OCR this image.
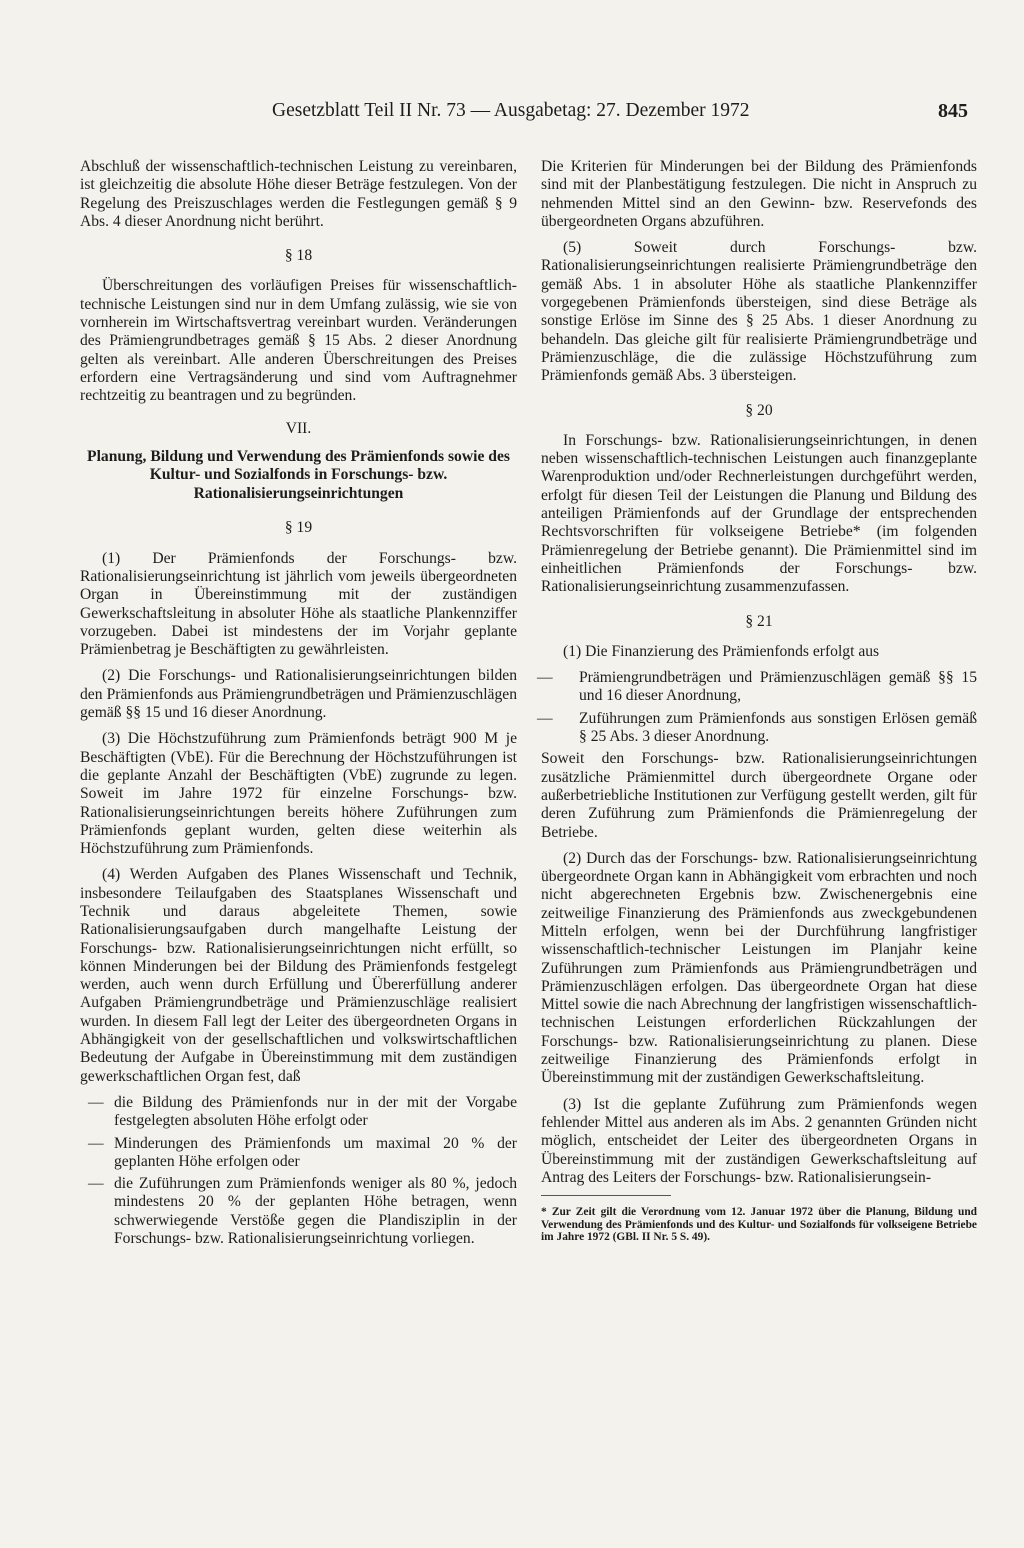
Gesetzblatt Teil II Nr. 73 — Ausgabetag: 27. Dezember 1972	845

Abschluß der wissenschaftlich-technischen Leistung zu vereinbaren, ist gleichzeitig die absolute Höhe dieser Beträge festzulegen. Von der Regelung des Preiszuschlages werden die Festlegungen gemäß § 9 Abs. 4 dieser Anordnung nicht berührt.

§ 18

Überschreitungen des vorläufigen Preises für wissenschaftlich-technische Leistungen sind nur in dem Umfang zulässig, wie sie von vornherein im Wirtschaftsvertrag vereinbart wurden. Veränderungen des Prämiengrundbetrages gemäß § 15 Abs. 2 dieser Anordnung gelten als vereinbart. Alle anderen Überschreitungen des Preises erfordern eine Vertragsänderung und sind vom Auftragnehmer rechtzeitig zu beantragen und zu begründen.

VII.
Planung, Bildung und Verwendung des Prämienfonds sowie des Kultur- und Sozialfonds in Forschungs- bzw. Rationalisierungseinrichtungen
§ 19

(1) Der Prämienfonds der Forschungs- bzw. Rationalisierungseinrichtung ist jährlich vom jeweils übergeordneten Organ in Übereinstimmung mit der zuständigen Gewerkschaftsleitung in absoluter Höhe als staatliche Plankennziffer vorzugeben. Dabei ist mindestens der im Vorjahr geplante Prämienbetrag je Beschäftigten zu gewährleisten.

(2) Die Forschungs- und Rationalisierungseinrichtungen bilden den Prämienfonds aus Prämiengrundbeträgen und Prämienzuschlägen gemäß §§ 15 und 16 dieser Anordnung.

(3) Die Höchstzuführung zum Prämienfonds beträgt 900 M je Beschäftigten (VbE). Für die Berechnung der Höchstzuführungen ist die geplante Anzahl der Beschäftigten (VbE) zugrunde zu legen. Soweit im Jahre 1972 für einzelne Forschungs- bzw. Rationalisierungseinrichtungen bereits höhere Zuführungen zum Prämienfonds geplant wurden, gelten diese weiterhin als Höchstzuführung zum Prämienfonds.

(4) Werden Aufgaben des Planes Wissenschaft und Technik, insbesondere Teilaufgaben des Staatsplanes Wissenschaft und Technik und daraus abgeleitete Themen, sowie Rationalisierungsaufgaben durch mangelhafte Leistung der Forschungs- bzw. Rationalisierungseinrichtungen nicht erfüllt, so können Minderungen bei der Bildung des Prämienfonds festgelegt werden, auch wenn durch Erfüllung und Übererfüllung anderer Aufgaben Prämiengrundbeträge und Prämienzuschläge realisiert wurden. In diesem Fall legt der Leiter des übergeordneten Organs in Abhängigkeit von der gesellschaftlichen und volkswirtschaftlichen Bedeutung der Aufgabe in Übereinstimmung mit dem zuständigen gewerkschaftlichen Organ fest, daß

— die Bildung des Prämienfonds nur in der mit der Vorgabe festgelegten absoluten Höhe erfolgt oder
— Minderungen des Prämienfonds um maximal 20 % der geplanten Höhe erfolgen oder
— die Zuführungen zum Prämienfonds weniger als 80 %, jedoch mindestens 20 % der geplanten Höhe betragen, wenn schwerwiegende Verstöße gegen die Plandisziplin in der Forschungs- bzw. Rationalisierungseinrichtung vorliegen.

Die Kriterien für Minderungen bei der Bildung des Prämienfonds sind mit der Planbestätigung festzulegen. Die nicht in Anspruch zu nehmenden Mittel sind an den Gewinn- bzw. Reservefonds des übergeordneten Organs abzuführen.

(5) Soweit durch Forschungs- bzw. Rationalisierungseinrichtungen realisierte Prämiengrundbeträge den gemäß Abs. 1 in absoluter Höhe als staatliche Plankennziffer vorgegebenen Prämienfonds übersteigen, sind diese Beträge als sonstige Erlöse im Sinne des § 25 Abs. 1 dieser Anordnung zu behandeln. Das gleiche gilt für realisierte Prämiengrundbeträge und Prämienzuschläge, die die zulässige Höchstzuführung zum Prämienfonds gemäß Abs. 3 übersteigen.

§ 20

In Forschungs- bzw. Rationalisierungseinrichtungen, in denen neben wissenschaftlich-technischen Leistungen auch finanzgeplante Warenproduktion und/oder Rechnerleistungen durchgeführt werden, erfolgt für diesen Teil der Leistungen die Planung und Bildung des anteiligen Prämienfonds auf der Grundlage der entsprechenden Rechtsvorschriften für volkseigene Betriebe* (im folgenden Prämienregelung der Betriebe genannt). Die Prämienmittel sind im einheitlichen Prämienfonds der Forschungs- bzw. Rationalisierungseinrichtung zusammenzufassen.

§ 21

(1) Die Finanzierung des Prämienfonds erfolgt aus

— Prämiengrundbeträgen und Prämienzuschlägen gemäß §§ 15 und 16 dieser Anordnung,
— Zuführungen zum Prämienfonds aus sonstigen Erlösen gemäß § 25 Abs. 3 dieser Anordnung.

Soweit den Forschungs- bzw. Rationalisierungseinrichtungen zusätzliche Prämienmittel durch übergeordnete Organe oder außerbetriebliche Institutionen zur Verfügung gestellt werden, gilt für deren Zuführung zum Prämienfonds die Prämienregelung der Betriebe.

(2) Durch das der Forschungs- bzw. Rationalisierungseinrichtung übergeordnete Organ kann in Abhängigkeit vom erbrachten und noch nicht abgerechneten Ergebnis bzw. Zwischenergebnis eine zeitweilige Finanzierung des Prämienfonds aus zweckgebundenen Mitteln erfolgen, wenn bei der Durchführung langfristiger wissenschaftlich-technischer Leistungen im Planjahr keine Zuführungen zum Prämienfonds aus Prämiengrundbeträgen und Prämienzuschlägen erfolgen. Das übergeordnete Organ hat diese Mittel sowie die nach Abrechnung der langfristigen wissenschaftlich-technischen Leistungen erforderlichen Rückzahlungen der Forschungs- bzw. Rationalisierungseinrichtung zu planen. Diese zeitweilige Finanzierung des Prämienfonds erfolgt in Übereinstimmung mit der zuständigen Gewerkschaftsleitung.

(3) Ist die geplante Zuführung zum Prämienfonds wegen fehlender Mittel aus anderen als im Abs. 2 genannten Gründen nicht möglich, entscheidet der Leiter des übergeordneten Organs in Übereinstimmung mit der zuständigen Gewerkschaftsleitung auf Antrag des Leiters der Forschungs- bzw. Rationalisierungsein-

* Zur Zeit gilt die Verordnung vom 12. Januar 1972 über die Planung, Bildung und Verwendung des Prämienfonds und des Kultur- und Sozialfonds für volkseigene Betriebe im Jahre 1972 (GBl. II Nr. 5 S. 49).
